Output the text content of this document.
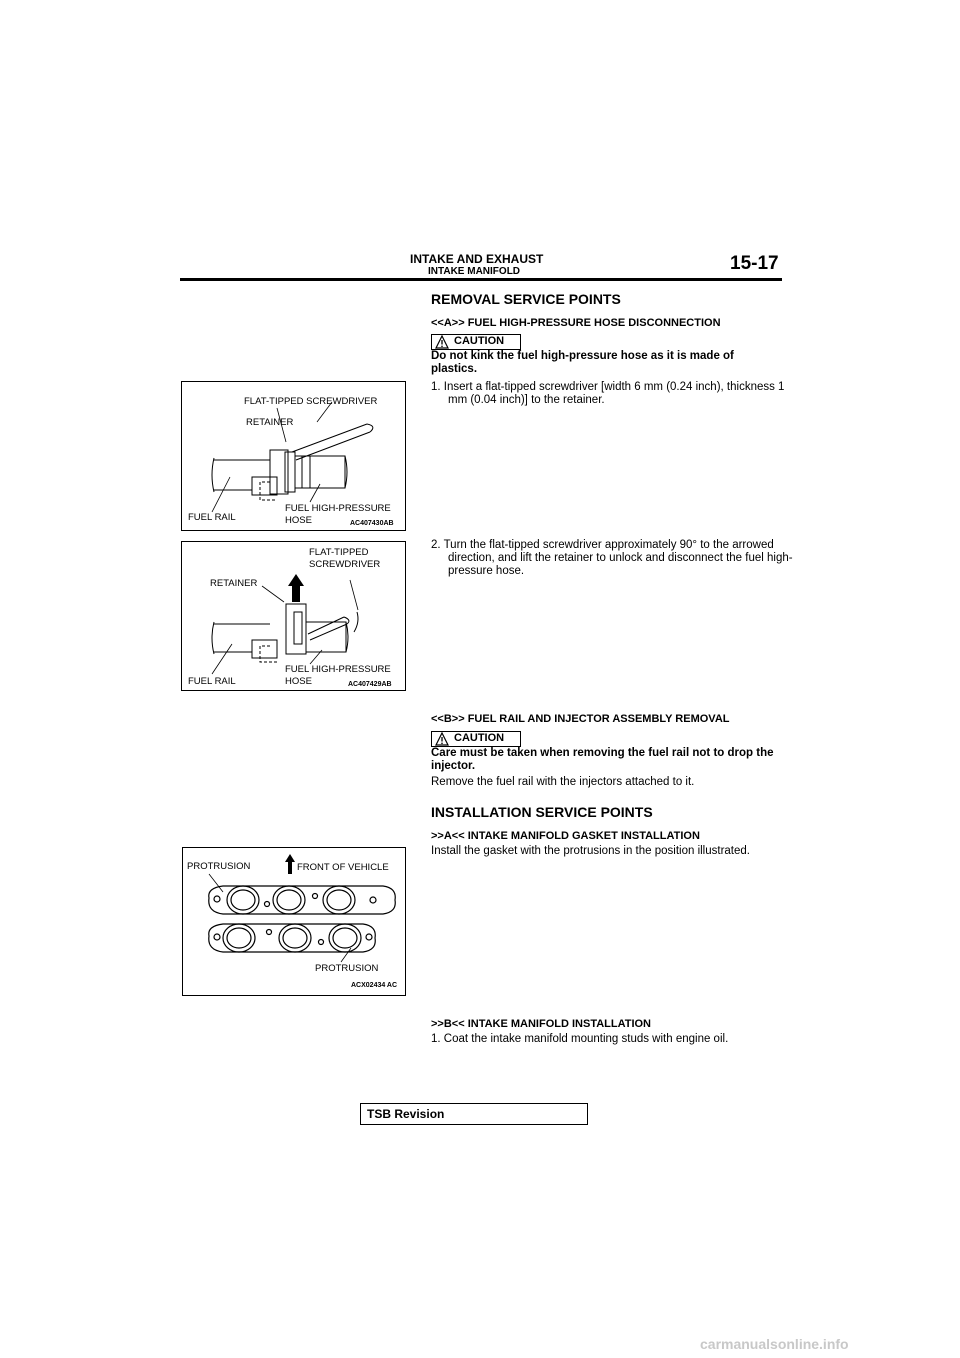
INTAKE AND EXHAUST
INTAKE MANIFOLD	15-17
REMOVAL SERVICE POINTS
<<A>> FUEL HIGH-PRESSURE HOSE DISCONNECTION
CAUTION
Do not kink the fuel high-pressure hose as it is made of plastics.
1. Insert a flat-tipped screwdriver [width 6 mm (0.24 inch), thickness 1 mm (0.04 inch)] to the retainer.
2. Turn the flat-tipped screwdriver approximately 90° to the arrowed direction, and lift the retainer to unlock and disconnect the fuel high-pressure hose.
<<B>> FUEL RAIL AND INJECTOR ASSEMBLY REMOVAL
CAUTION
Care must be taken when removing the fuel rail not to drop the injector.
Remove the fuel rail with the injectors attached to it.
INSTALLATION SERVICE POINTS
>>A<< INTAKE MANIFOLD GASKET INSTALLATION
Install the gasket with the protrusions in the position illustrated.
>>B<< INTAKE MANIFOLD INSTALLATION
1. Coat the intake manifold mounting studs with engine oil.
FLAT-TIPPED SCREWDRIVER
RETAINER
FUEL RAIL
FUEL HIGH-PRESSURE
HOSE	AC407430AB
FLAT-TIPPED
SCREWDRIVER
RETAINER
FUEL RAIL
FUEL HIGH-PRESSURE
HOSE	AC407429AB
PROTRUSION	FRONT OF VEHICLE
PROTRUSION
ACX02434 AC
TSB Revision
carmanualsonline.info
